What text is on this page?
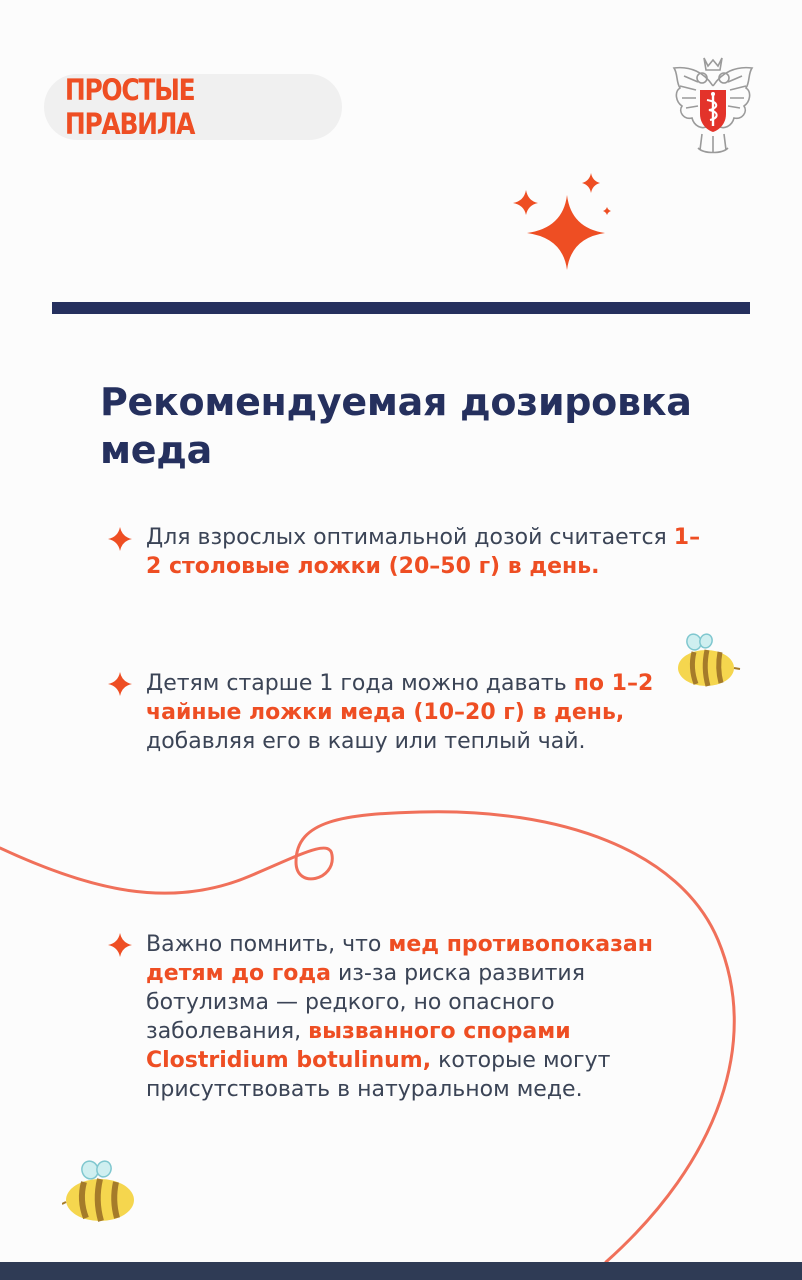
ПРОСТЫЕ ПРАВИЛА
Рекомендуемая дозировка
меда

Для взрослых оптимальной дозой считается 1–2 столовые ложки (20–50 г) в день.

Детям старше 1 года можно давать по 1–2 чайные ложки меда (10–20 г) в день, добавляя его в кашу или теплый чай.

Важно помнить, что мед противопоказан детям до года из-за риска развития ботулизма — редкого, но опасного заболевания, вызванного спорами Clostridium botulinum, которые могут присутствовать в натуральном меде.
